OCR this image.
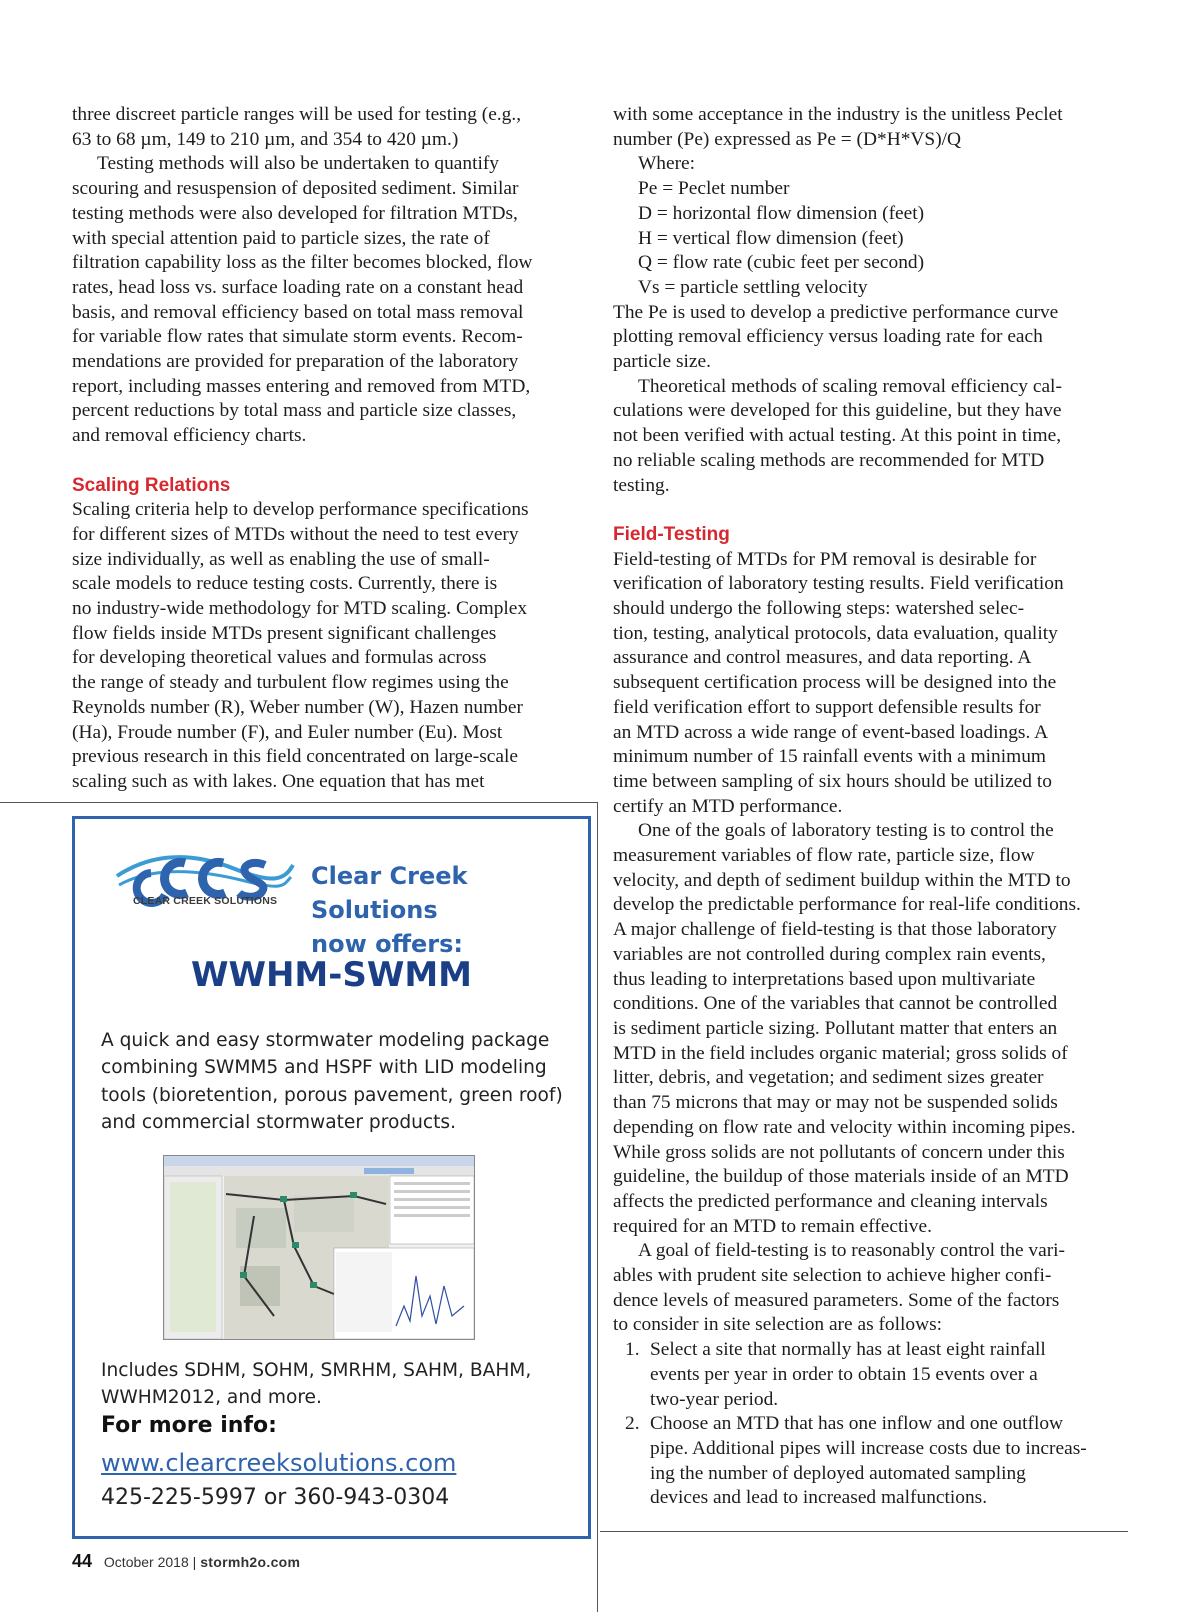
three discreet particle ranges will be used for testing (e.g.,
63 to 68 µm, 149 to 210 µm, and 354 to 420 µm.)

Testing methods will also be undertaken to quantify
scouring and resuspension of deposited sediment. Similar
testing methods were also developed for filtration MTDs,
with special attention paid to particle sizes, the rate of
filtration capability loss as the filter becomes blocked, flow
rates, head loss vs. surface loading rate on a constant head
basis, and removal efficiency based on total mass removal
for variable flow rates that simulate storm events. Recom-
mendations are provided for preparation of the laboratory
report, including masses entering and removed from MTD,
percent reductions by total mass and particle size classes,
and removal efficiency charts.

Scaling Relations

Scaling criteria help to develop performance specifications
for different sizes of MTDs without the need to test every
size individually, as well as enabling the use of small-
scale models to reduce testing costs. Currently, there is
no industry-wide methodology for MTD scaling. Complex
flow fields inside MTDs present significant challenges
for developing theoretical values and formulas across
the range of steady and turbulent flow regimes using the
Reynolds number (R), Weber number (W), Hazen number
(Ha), Froude number (F), and Euler number (Eu). Most
previous research in this field concentrated on large-scale
scaling such as with lakes. One equation that has met

with some acceptance in the industry is the unitless Peclet
number (Pe) expressed as Pe = (D*H*VS)/Q

Where:
Pe = Peclet number
D = horizontal flow dimension (feet)
H = vertical flow dimension (feet)
Q = flow rate (cubic feet per second)
Vs = particle settling velocity

The Pe is used to develop a predictive performance curve
plotting removal efficiency versus loading rate for each
particle size.

Theoretical methods of scaling removal efficiency cal-
culations were developed for this guideline, but they have
not been verified with actual testing. At this point in time,
no reliable scaling methods are recommended for MTD
testing.

Field-Testing

Field-testing of MTDs for PM removal is desirable for
verification of laboratory testing results. Field verification
should undergo the following steps: watershed selec-
tion, testing, analytical protocols, data evaluation, quality
assurance and control measures, and data reporting. A
subsequent certification process will be designed into the
field verification effort to support defensible results for
an MTD across a wide range of event-based loadings. A
minimum number of 15 rainfall events with a minimum
time between sampling of six hours should be utilized to
certify an MTD performance.

One of the goals of laboratory testing is to control the
measurement variables of flow rate, particle size, flow
velocity, and depth of sediment buildup within the MTD to
develop the predictable performance for real-life conditions.
A major challenge of field-testing is that those laboratory
variables are not controlled during complex rain events,
thus leading to interpretations based upon multivariate
conditions. One of the variables that cannot be controlled
is sediment particle sizing. Pollutant matter that enters an
MTD in the field includes organic material; gross solids of
litter, debris, and vegetation; and sediment sizes greater
than 75 microns that may or may not be suspended solids
depending on flow rate and velocity within incoming pipes.
While gross solids are not pollutants of concern under this
guideline, the buildup of those materials inside of an MTD
affects the predicted performance and cleaning intervals
required for an MTD to remain effective.

A goal of field-testing is to reasonably control the vari-
ables with prudent site selection to achieve higher confi-
dence levels of measured parameters. Some of the factors
to consider in site selection are as follows:

1. Select a site that normally has at least eight rainfall
events per year in order to obtain 15 events over a
two-year period.
2. Choose an MTD that has one inflow and one outflow
pipe. Additional pipes will increase costs due to increas-
ing the number of deployed automated sampling
devices and lead to increased malfunctions.
CLEAR CREEK SOLUTIONS
Clear Creek Solutions
now offers:
WWHM-SWMM
A quick and easy stormwater modeling package
combining SWMM5 and HSPF with LID modeling
tools (bioretention, porous pavement, green roof)
and commercial stormwater products.
Includes SDHM, SOHM, SMRHM, SAHM, BAHM,
WWHM2012, and more.
For more info:
www.clearcreeksolutions.com
425-225-5997 or 360-943-0304
44 October 2018 | stormh2o.com
